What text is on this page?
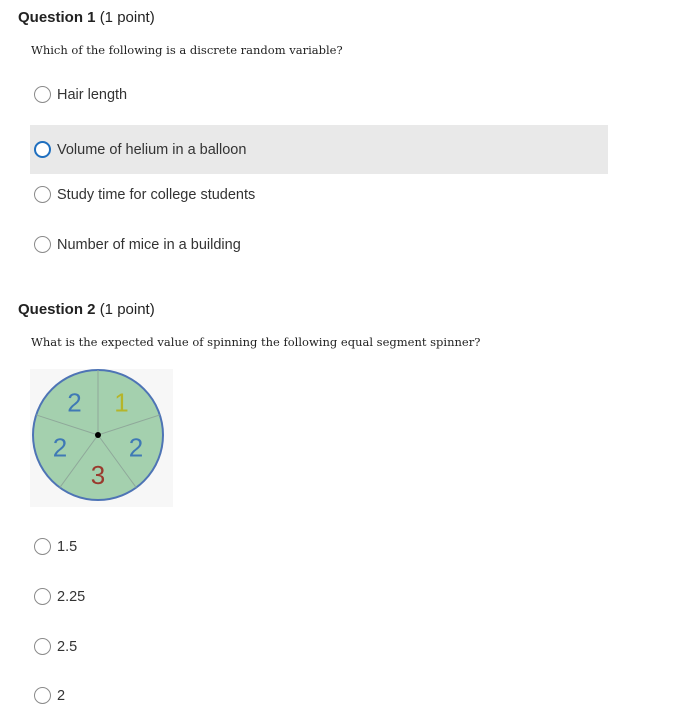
Question 1 (1 point)
Which of the following is a discrete random variable?
Hair length
Volume of helium in a balloon
Study time for college students
Number of mice in a building
Question 2 (1 point)
What is the expected value of spinning the following equal segment spinner?
1
2
3
2
2
1.5
2.25
2.5
2
